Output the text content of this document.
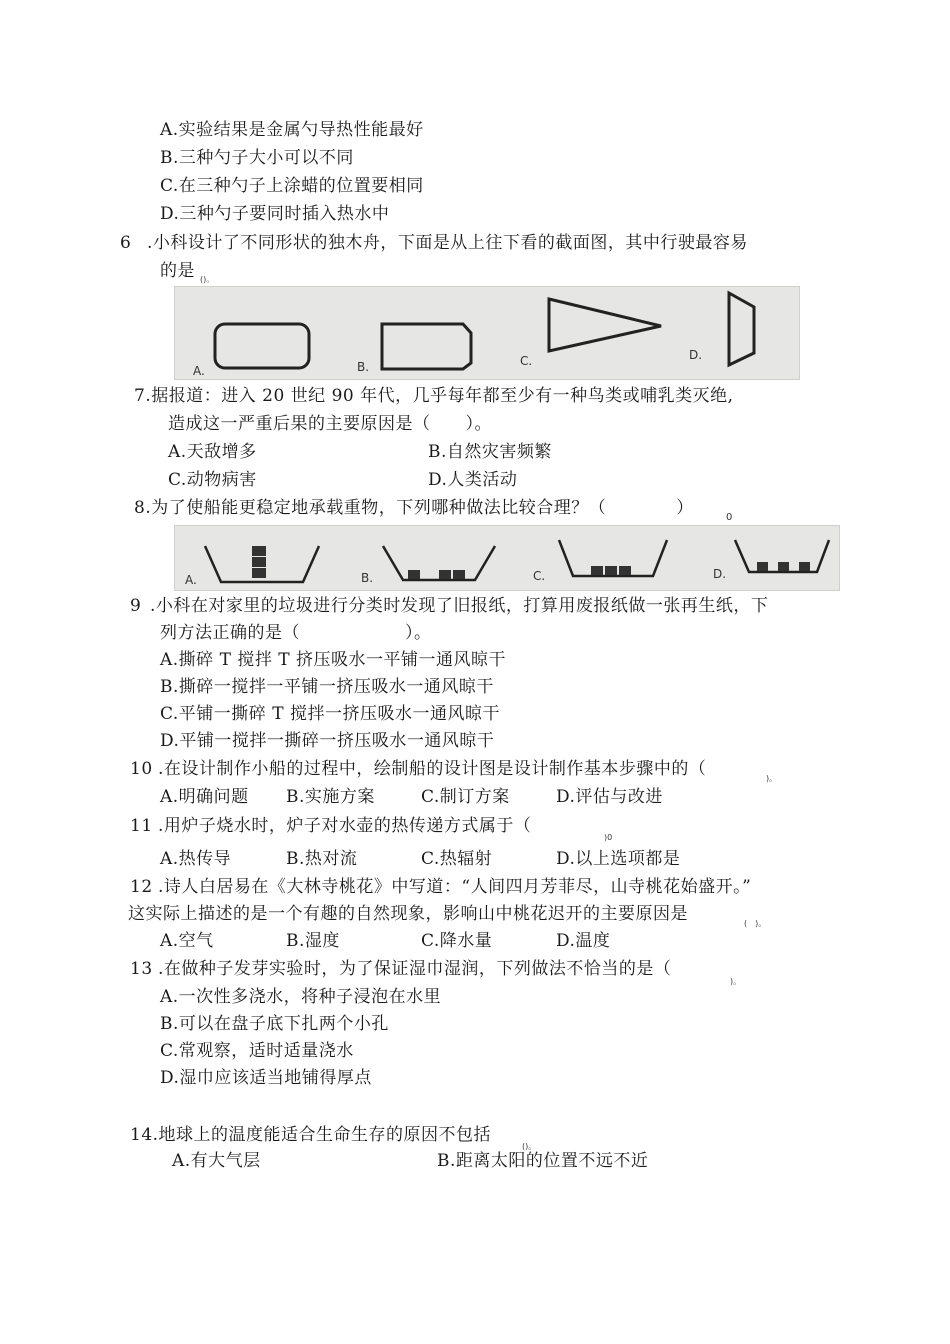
A.实验结果是金属勺导热性能最好
B.三种勺子大小可以不同
C.在三种勺子上涂蜡的位置要相同
D.三种勺子要同时插入热水中
6 .小科设计了不同形状的独木舟，下面是从上往下看的截面图，其中行驶最容易
的是 ()。
A.	B.	C.	D.
7.据报道：进入 20 世纪 90 年代，几乎每年都至少有一种鸟类或哺乳类灭绝,
造成这一严重后果的主要原因是（　　）。
A.天敌增多	B.自然灾害频繁
C.动物病害	D.人类活动
8.为了使船能更稳定地承载重物，下列哪种做法比较合理？（　　　　）	0
A.	B.	C.	D.
9 .小科在对家里的垃圾进行分类时发现了旧报纸，打算用废报纸做一张再生纸，下
列方法正确的是（　　　　　　）。
A.撕碎 T 搅拌 T 挤压吸水一平铺一通风晾干
B.撕碎一搅拌一平铺一挤压吸水一通风晾干
C.平铺一撕碎 T 搅拌一挤压吸水一通风晾干
D.平铺一搅拌一撕碎一挤压吸水一通风晾干
10 .在设计制作小船的过程中，绘制船的设计图是设计制作基本步骤中的（	)。
A.明确问题 B.实施方案	C.制订方案	D.评估与改进
11 .用炉子烧水时，炉子对水壶的热传递方式属于（
)0
A.热传导	B.热对流	C.热辐射	D.以上选项都是
12 .诗人白居易在《大林寺桃花》中写道：“人间四月芳菲尽，山寺桃花始盛开。”
这实际上描述的是一个有趣的自然现象，影响山中桃花迟开的主要原因是	(　)。
A.空气	B.湿度	C.降水量	D.温度
13 .在做种子发芽实验时，为了保证湿巾湿润，下列做法不恰当的是（
)。
A.一次性多浇水，将种子浸泡在水里
B.可以在盘子底下扎两个小孔
C.常观察，适时适量浇水
D.湿巾应该适当地铺得厚点
14.地球上的温度能适合生命生存的原因不包括
()。
A.有大气层	B.距离太阳的位置不远不近
